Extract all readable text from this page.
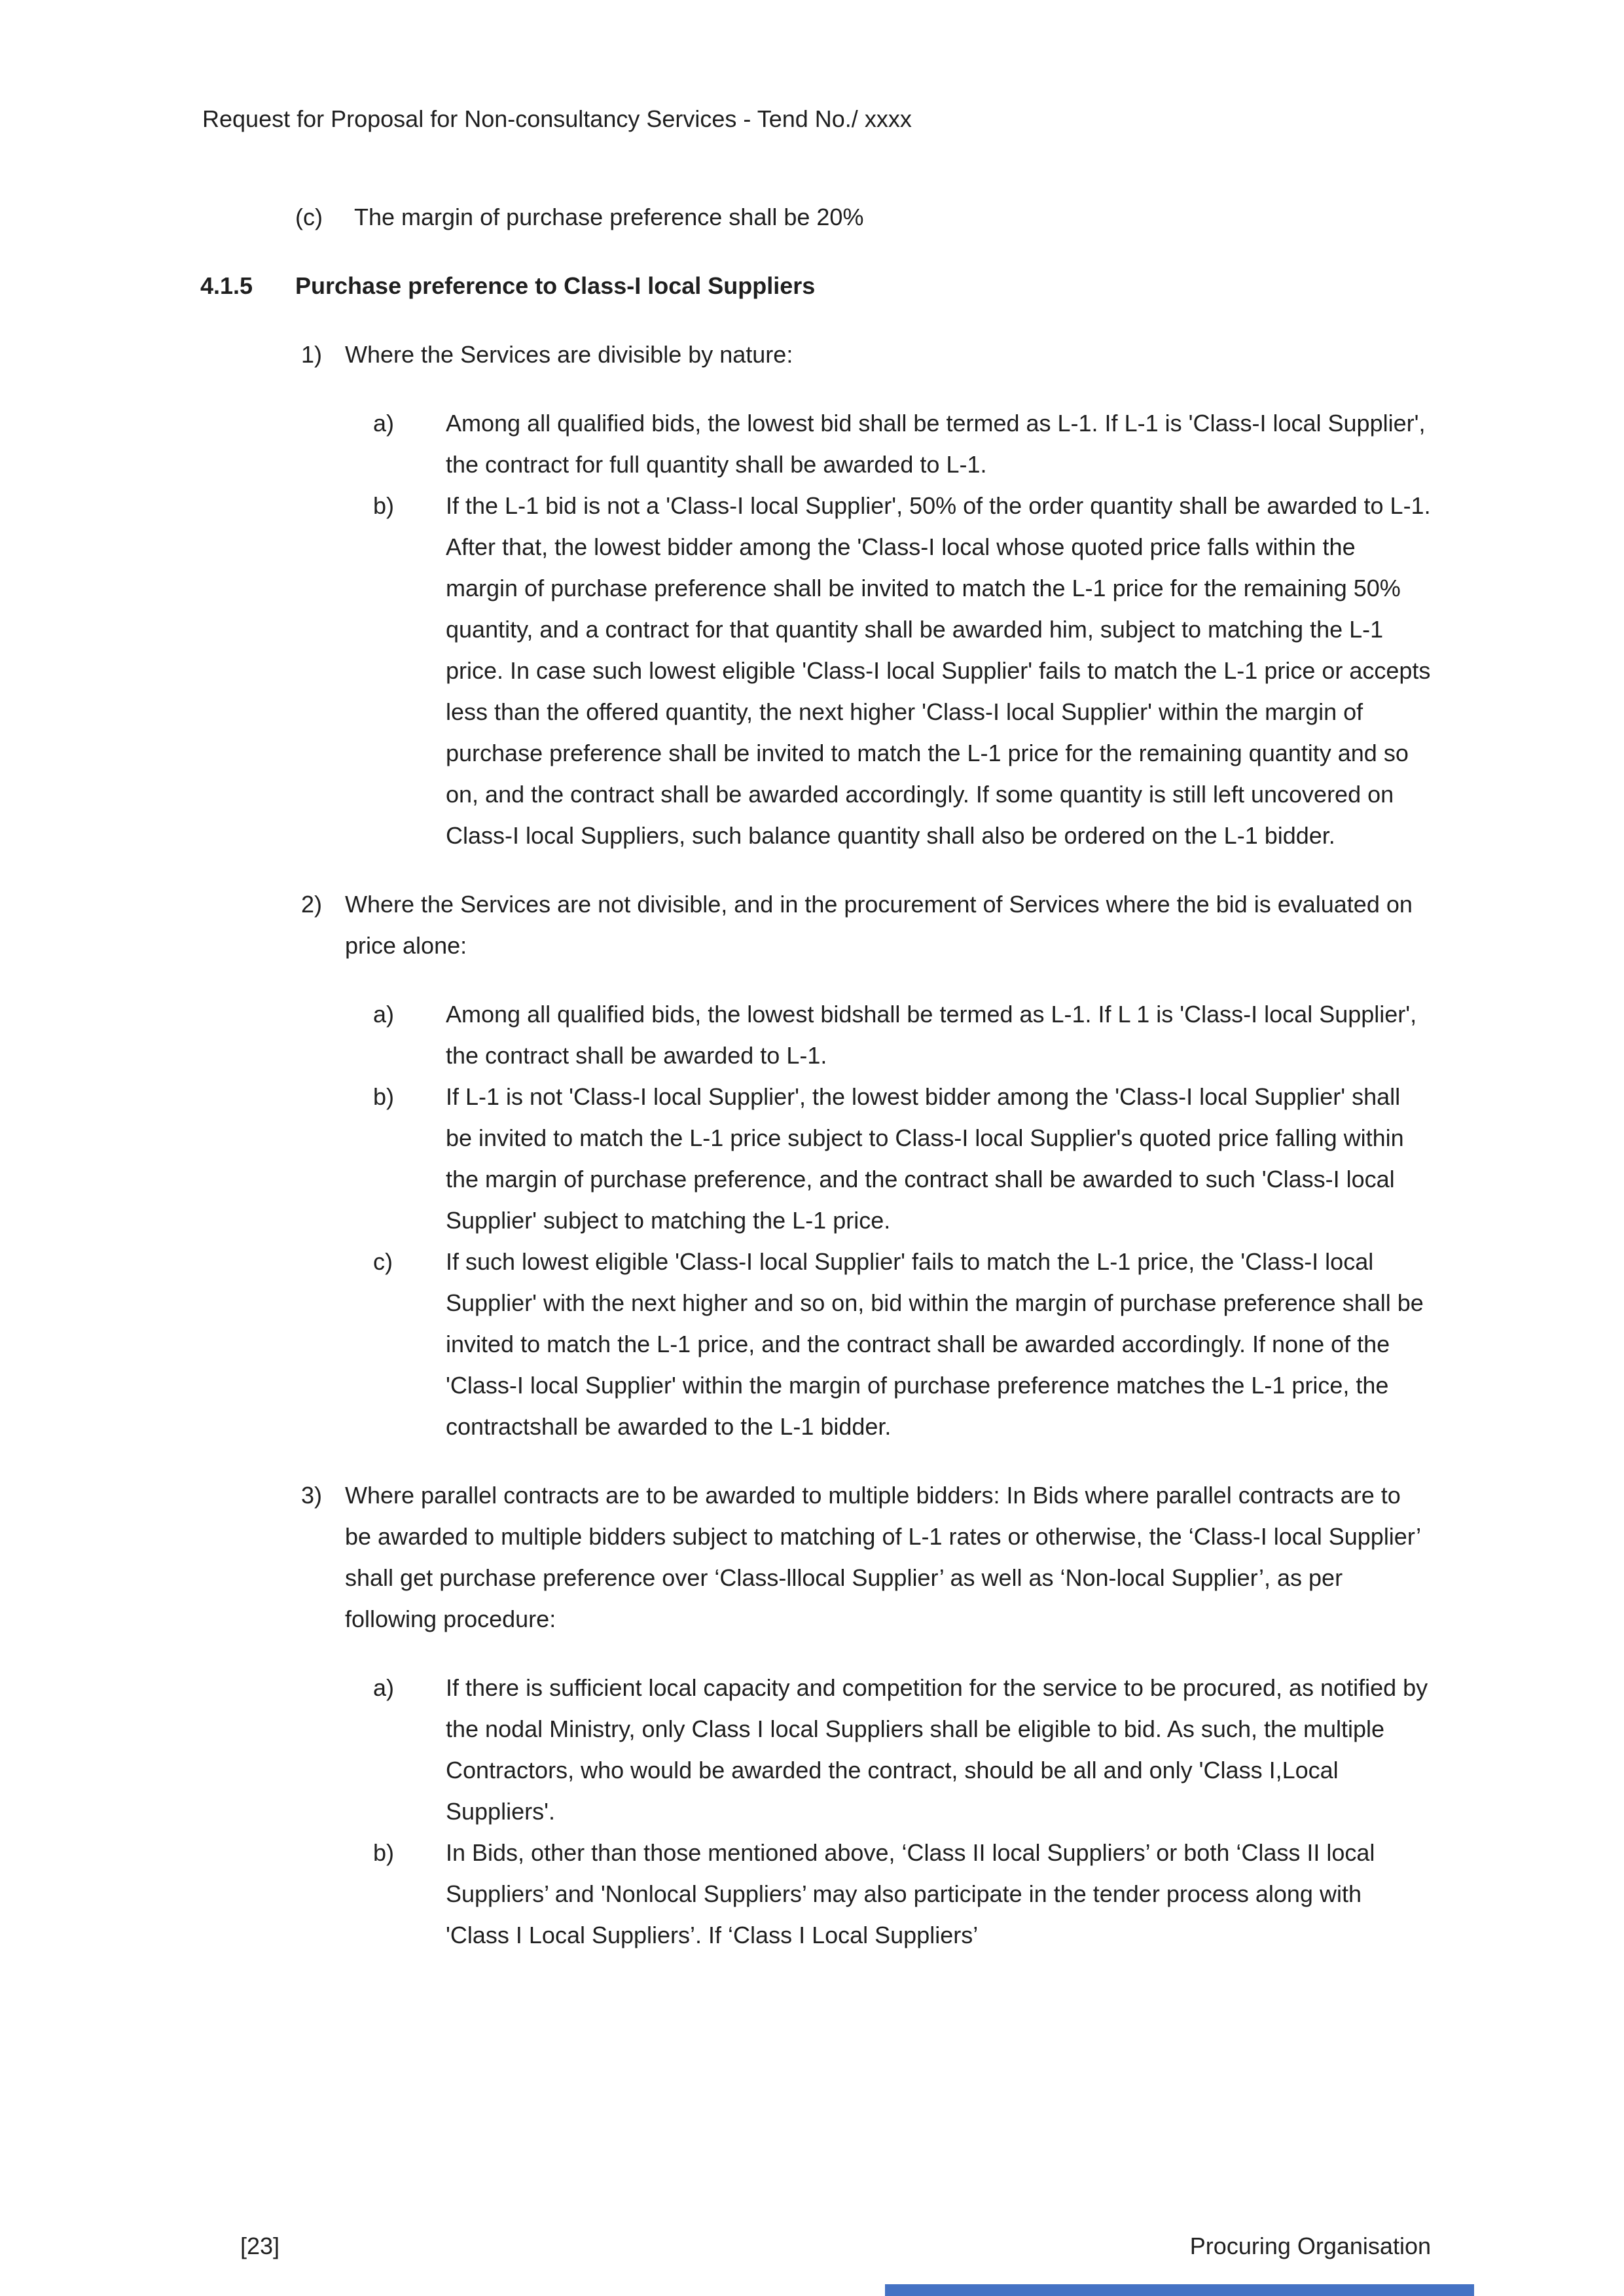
Request for Proposal for Non-consultancy Services - Tend No./ xxxx
(c)	The margin of purchase preference shall be 20%
4.1.5	Purchase preference to Class-I local Suppliers
1) Where the Services are divisible by nature:
a)	Among all qualified bids, the lowest bid shall be termed as L-1. If L-1 is 'Class-I local Supplier', the contract for full quantity shall be awarded to L-1.
b)	If the L-1 bid is not a 'Class-I local Supplier', 50% of the order quantity shall be awarded to L-1. After that, the lowest bidder among the 'Class-I local whose quoted price falls within the margin of purchase preference shall be invited to match the L-1 price for the remaining 50% quantity, and a contract for that quantity shall be awarded him, subject to matching the L-1 price. In case such lowest eligible 'Class-I local Supplier' fails to match the L-1 price or accepts less than the offered quantity, the next higher 'Class-I local Supplier' within the margin of purchase preference shall be invited to match the L-1 price for the remaining quantity and so on, and the contract shall be awarded accordingly. If some quantity is still left uncovered on Class-I local Suppliers, such balance quantity shall also be ordered on the L-1 bidder.
2) Where the Services are not divisible, and in the procurement of Services where the bid is evaluated on price alone:
a)	Among all qualified bids, the lowest bidshall be termed as L-1. If L 1 is 'Class-I local Supplier', the contract shall be awarded to L-1.
b)	If L-1 is not 'Class-I local Supplier', the lowest bidder among the 'Class-I local Supplier' shall be invited to match the L-1 price subject to Class-I local Supplier's quoted price falling within the margin of purchase preference, and the contract shall be awarded to such 'Class-I local Supplier' subject to matching the L-1 price.
c)	If such lowest eligible 'Class-I local Supplier' fails to match the L-1 price, the 'Class-I local Supplier' with the next higher and so on, bid within the margin of purchase preference shall be invited to match the L-1 price, and the contract shall be awarded accordingly. If none of the 'Class-I local Supplier' within the margin of purchase preference matches the L-1 price, the contractshall be awarded to the L-1 bidder.
3) Where parallel contracts are to be awarded to multiple bidders: In Bids where parallel contracts are to be awarded to multiple bidders subject to matching of L-1 rates or otherwise, the ‘Class-I local Supplier’ shall get purchase preference over ‘Class-lllocal Supplier’ as well as ‘Non-local Supplier’, as per following procedure:
a)	If there is sufficient local capacity and competition for the service to be procured, as notified by the nodal Ministry, only Class I local Suppliers shall be eligible to bid. As such, the multiple Contractors, who would be awarded the contract, should be all and only 'Class I,Local Suppliers'.
b)	In Bids, other than those mentioned above, ‘Class II local Suppliers’ or both ‘Class II local Suppliers’ and 'Nonlocal Suppliers’ may also participate in the tender process along with 'Class I Local Suppliers’. If ‘Class I Local Suppliers’
[23]	Procuring Organisation
